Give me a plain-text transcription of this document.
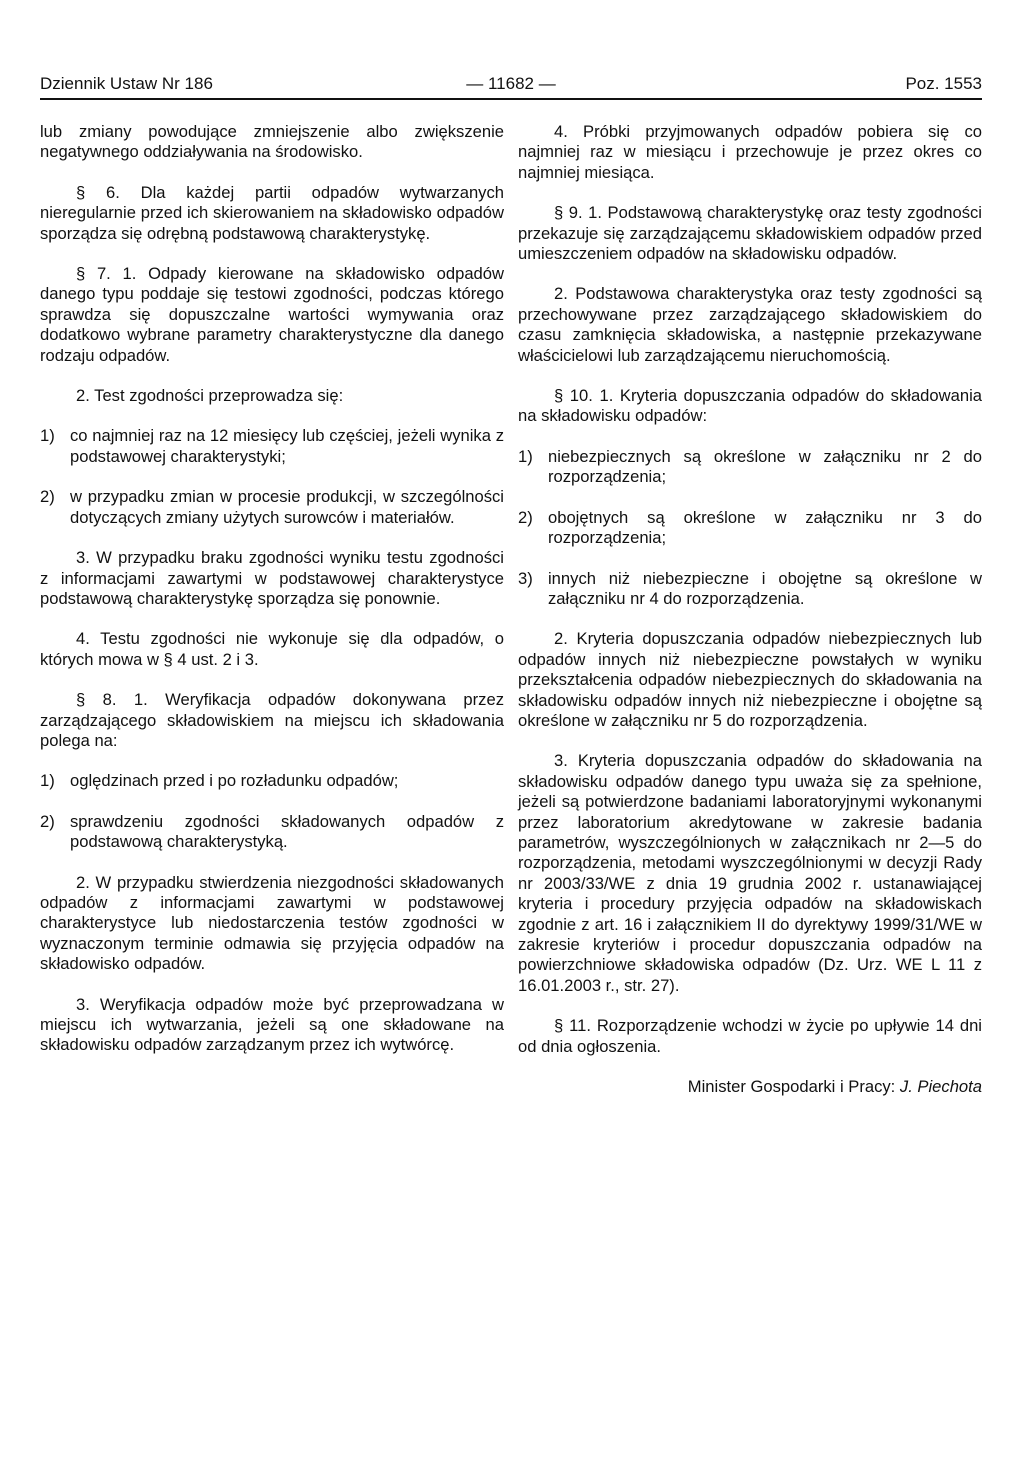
Dziennik Ustaw Nr 186	— 11682 —	Poz. 1553

lub zmiany powodujące zmniejszenie albo zwiększenie negatywnego oddziaływania na środowisko.

§ 6. Dla każdej partii odpadów wytwarzanych nieregularnie przed ich skierowaniem na składowisko odpadów sporządza się odrębną podstawową charakterystykę.

§ 7. 1. Odpady kierowane na składowisko odpadów danego typu poddaje się testowi zgodności, podczas którego sprawdza się dopuszczalne wartości wymywania oraz dodatkowo wybrane parametry charakterystyczne dla danego rodzaju odpadów.

2. Test zgodności przeprowadza się:

1) co najmniej raz na 12 miesięcy lub częściej, jeżeli wynika z podstawowej charakterystyki;
2) w przypadku zmian w procesie produkcji, w szczególności dotyczących zmiany użytych surowców i materiałów.

3. W przypadku braku zgodności wyniku testu zgodności z informacjami zawartymi w podstawowej charakterystyce podstawową charakterystykę sporządza się ponownie.

4. Testu zgodności nie wykonuje się dla odpadów, o których mowa w § 4 ust. 2 i 3.

§ 8. 1. Weryfikacja odpadów dokonywana przez zarządzającego składowiskiem na miejscu ich składowania polega na:

1) oględzinach przed i po rozładunku odpadów;
2) sprawdzeniu zgodności składowanych odpadów z podstawową charakterystyką.

2. W przypadku stwierdzenia niezgodności składowanych odpadów z informacjami zawartymi w podstawowej charakterystyce lub niedostarczenia testów zgodności w wyznaczonym terminie odmawia się przyjęcia odpadów na składowisko odpadów.

3. Weryfikacja odpadów może być przeprowadzana w miejscu ich wytwarzania, jeżeli są one składowane na składowisku odpadów zarządzanym przez ich wytwórcę.

4. Próbki przyjmowanych odpadów pobiera się co najmniej raz w miesiącu i przechowuje je przez okres co najmniej miesiąca.

§ 9. 1. Podstawową charakterystykę oraz testy zgodności przekazuje się zarządzającemu składowiskiem odpadów przed umieszczeniem odpadów na składowisku odpadów.

2. Podstawowa charakterystyka oraz testy zgodności są przechowywane przez zarządzającego składowiskiem do czasu zamknięcia składowiska, a następnie przekazywane właścicielowi lub zarządzającemu nieruchomością.

§ 10. 1. Kryteria dopuszczania odpadów do składowania na składowisku odpadów:

1) niebezpiecznych są określone w załączniku nr 2 do rozporządzenia;
2) obojętnych są określone w załączniku nr 3 do rozporządzenia;
3) innych niż niebezpieczne i obojętne są określone w załączniku nr 4 do rozporządzenia.

2. Kryteria dopuszczania odpadów niebezpiecznych lub odpadów innych niż niebezpieczne powstałych w wyniku przekształcenia odpadów niebezpiecznych do składowania na składowisku odpadów innych niż niebezpieczne i obojętne są określone w załączniku nr 5 do rozporządzenia.

3. Kryteria dopuszczania odpadów do składowania na składowisku odpadów danego typu uważa się za spełnione, jeżeli są potwierdzone badaniami laboratoryjnymi wykonanymi przez laboratorium akredytowane w zakresie badania parametrów, wyszczególnionych w załącznikach nr 2—5 do rozporządzenia, metodami wyszczególnionymi w decyzji Rady nr 2003/33/WE z dnia 19 grudnia 2002 r. ustanawiającej kryteria i procedury przyjęcia odpadów na składowiskach zgodnie z art. 16 i załącznikiem II do dyrektywy 1999/31/WE w zakresie kryteriów i procedur dopuszczania odpadów na powierzchniowe składowiska odpadów (Dz. Urz. WE L 11 z 16.01.2003 r., str. 27).

§ 11. Rozporządzenie wchodzi w życie po upływie 14 dni od dnia ogłoszenia.

Minister Gospodarki i Pracy: J. Piechota
